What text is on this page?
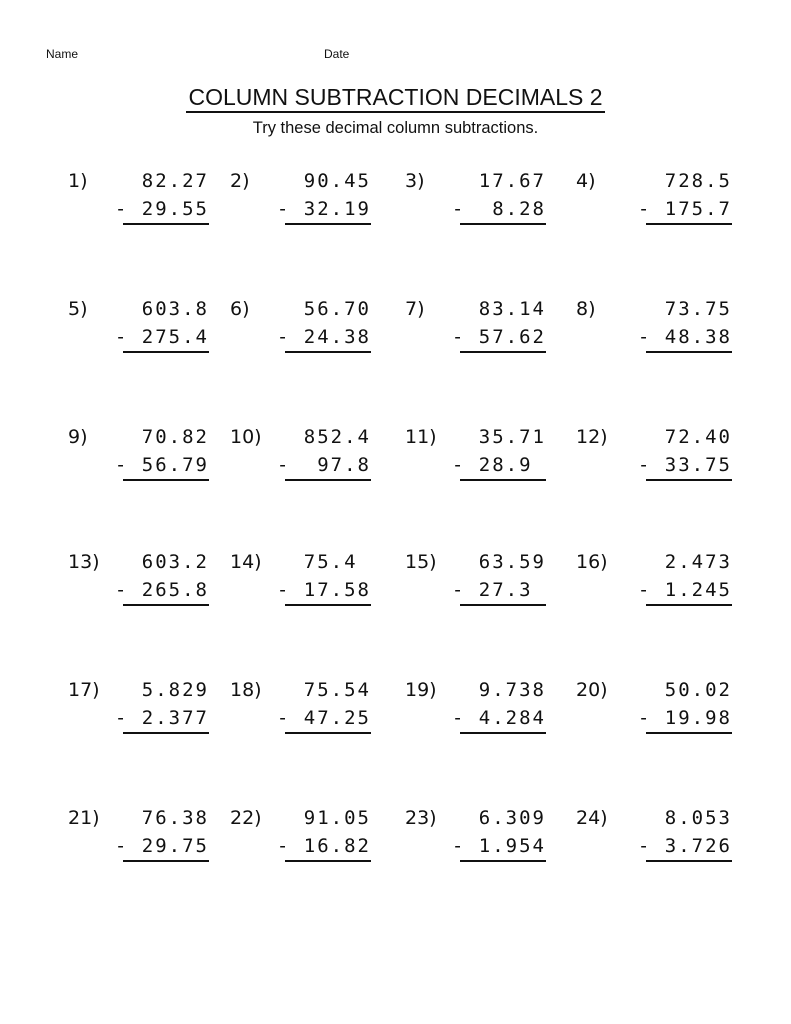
Name	Date
COLUMN SUBTRACTION DECIMALS 2

Try these decimal column subtractions.

1)	82.27
- 29.55
2)	90.45
- 32.19
3)	17.67
-  8.28
4)	728.5
- 175.7
5)	603.8
- 275.4
6)	56.70
- 24.38
7)	83.14
- 57.62
8)	73.75
- 48.38
9)	70.82
- 56.79
10)	852.4
-  97.8
11)	35.71
- 28.9
12)	72.40
- 33.75
13)	603.2
- 265.8
14)	75.4
- 17.58
15)	63.59
- 27.3
16)	2.473
- 1.245
17)	5.829
- 2.377
18)	75.54
- 47.25
19)	9.738
- 4.284
20)	50.02
- 19.98
21)	76.38
- 29.75
22)	91.05
- 16.82
23)	6.309
- 1.954
24)	8.053
- 3.726
